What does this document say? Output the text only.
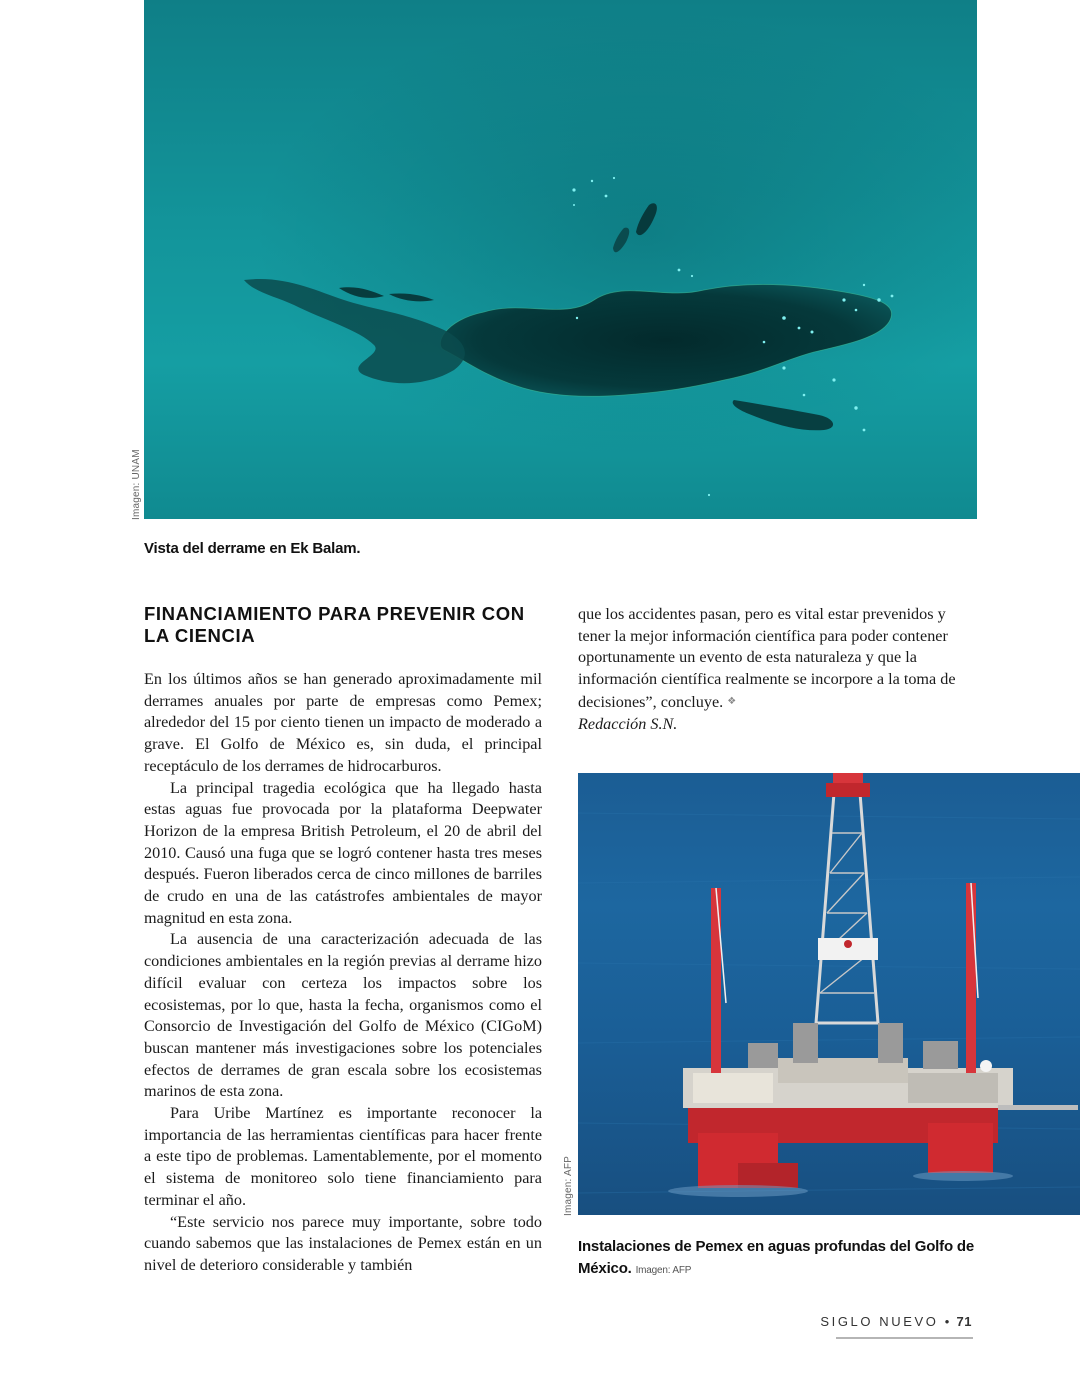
Imagen: UNAM
Vista del derrame en Ek Balam.
FINANCIAMIENTO PARA PREVENIR CON LA CIENCIA

En los últimos años se han generado aproximadamente mil derrames anuales por parte de empresas como Pemex; alrededor del 15 por ciento tienen un impacto de moderado a grave. El Golfo de México es, sin duda, el principal receptáculo de los derrames de hidrocarburos.

La principal tragedia ecológica que ha llegado hasta estas aguas fue provocada por la plataforma Deepwater Horizon de la empresa British Petroleum, el 20 de abril del 2010. Causó una fuga que se logró contener hasta tres meses después. Fueron liberados cerca de cinco millones de barriles de crudo en una de las catástrofes ambientales de mayor magnitud en esta zona.

La ausencia de una caracterización adecuada de las condiciones ambientales en la región previas al derrame hizo difícil evaluar con certeza los impactos sobre los ecosistemas, por lo que, hasta la fecha, organismos como el Consorcio de Investigación del Golfo de México (CIGoM) buscan mantener más investigaciones sobre los potenciales efectos de derrames de gran escala sobre los ecosistemas marinos de esta zona.

Para Uribe Martínez es importante reconocer la importancia de las herramientas científicas para hacer frente a este tipo de problemas. Lamentablemente, por el momento el sistema de monitoreo solo tiene financiamiento para terminar el año.

“Este servicio nos parece muy importante, sobre todo cuando sabemos que las instalaciones de Pemex están en un nivel de deterioro considerable y también

que los accidentes pasan, pero es vital estar prevenidos y tener la mejor información científica para poder contener oportunamente un evento de esta naturaleza y que la información científica realmente se incorpore a la toma de decisiones”, concluye. ❖

Redacción S.N.

Imagen: AFP
Instalaciones de Pemex en aguas profundas del Golfo de México. Imagen: AFP
SIGLO NUEVO • 71
